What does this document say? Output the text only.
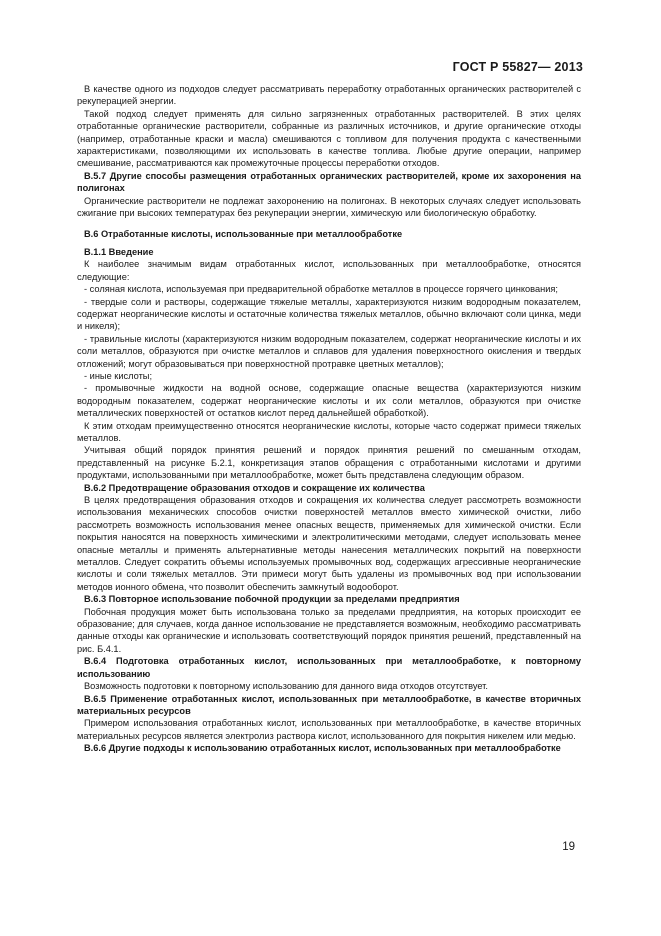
ГОСТ Р 55827— 2013

В качестве одного из подходов следует рассматривать переработку отработанных органических растворителей с рекуперацией энергии.

Такой подход следует применять для сильно загрязненных отработанных растворителей. В этих целях отработанные органические растворители, собранные из различных источников, и другие органические отходы (например, отработанные краски и масла) смешиваются с топливом для получения продукта с качественными характеристиками, позволяющими их использовать в качестве топлива. Любые другие операции, например смешивание, рассматриваются как промежуточные процессы переработки отходов.

В.5.7 Другие способы размещения отработанных органических растворителей, кроме их захоронения на полигонах

Органические растворители не подлежат захоронению на полигонах. В некоторых случаях следует использовать сжигание при высоких температурах без рекуперации энергии, химическую или биологическую обработку.

В.6 Отработанные кислоты, использованные при металлообработке

В.1.1 Введение

К наиболее значимым видам отработанных кислот, использованных при металлообработке, относятся следующие:

- соляная кислота, используемая при предварительной обработке металлов в процессе горячего цинкования;

- твердые соли и растворы, содержащие тяжелые металлы, характеризуются низким водородным показателем, содержат неорганические кислоты и остаточные количества тяжелых металлов, обычно включают соли цинка, меди и никеля);

- травильные кислоты (характеризуются низким водородным показателем, содержат неорганические кислоты и их соли металлов, образуются при очистке металлов и сплавов для удаления поверхностного окисления и твердых отложений; могут образовываться при поверхностной протравке цветных металлов);

- иные кислоты;

- промывочные жидкости на водной основе, содержащие опасные вещества (характеризуются низким водородным показателем, содержат неорганические кислоты и их соли металлов, образуются при очистке металлических поверхностей от остатков кислот перед дальнейшей обработкой).

К этим отходам преимущественно относятся неорганические кислоты, которые часто содержат примеси тяжелых металлов.

Учитывая общий порядок принятия решений и порядок принятия решений по смешанным отходам, представленный на рисунке Б.2.1, конкретизация этапов обращения с отработанными кислотами и другими продуктами, использованными при металлообработке, может быть представлена следующим образом.

В.6.2 Предотвращение образования отходов и сокращение их количества

В целях предотвращения образования отходов и сокращения их количества следует рассмотреть возможности использования механических способов очистки поверхностей металлов вместо химической очистки, либо рассмотреть возможность использования менее опасных веществ, применяемых для химической очистки. Если покрытия наносятся на поверхность химическими и электролитическими методами, следует использовать менее опасные металлы и применять альтернативные методы нанесения металлических покрытий на поверхности металлов. Следует сократить объемы используемых промывочных вод, содержащих агрессивные неорганические кислоты и соли тяжелых металлов. Эти примеси могут быть удалены из промывочных вод при использовании методов ионного обмена, что позволит обеспечить замкнутый водооборот.

В.6.3 Повторное использование побочной продукции за пределами предприятия

Побочная продукция может быть использована только за пределами предприятия, на которых происходит ее образование; для случаев, когда данное использование не представляется возможным, необходимо рассматривать данные отходы как органические и использовать соответствующий порядок принятия решений, представленный на рис. Б.4.1.

В.6.4 Подготовка отработанных кислот, использованных при металлообработке, к повторному использованию

Возможность подготовки к повторному использованию для данного вида отходов отсутствует.

В.6.5 Применение отработанных кислот, использованных при металлообработке, в качестве вторичных материальных ресурсов

Примером использования отработанных кислот, использованных при металлообработке, в качестве вторичных материальных ресурсов является электролиз раствора кислот, использованного для покрытия никелем или медью.

В.6.6 Другие подходы к использованию отработанных кислот, использованных при металлообработке

19
